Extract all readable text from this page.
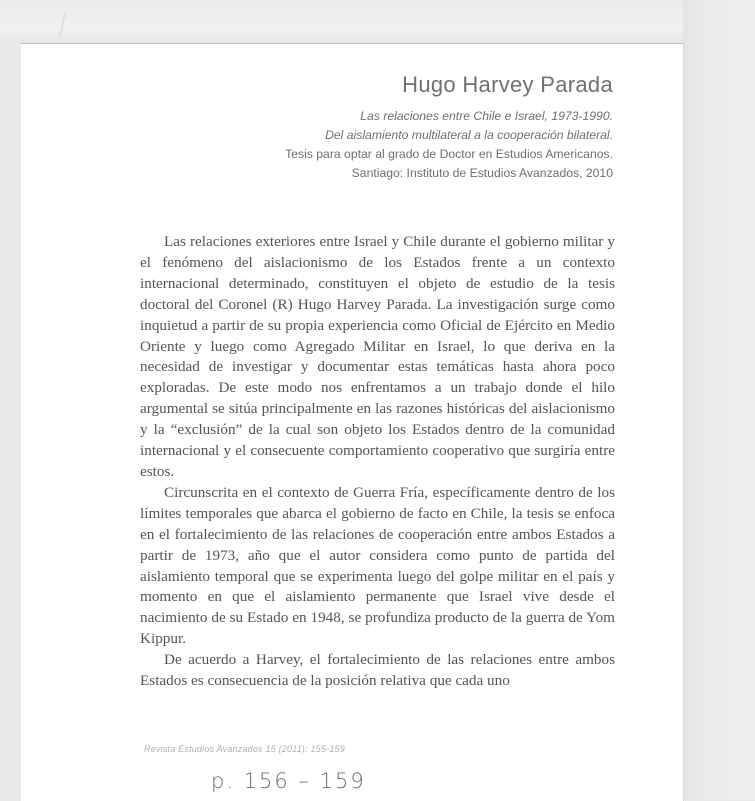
Hugo Harvey Parada
Las relaciones entre Chile e Israel, 1973-1990.
Del aislamiento multilateral a la cooperación bilateral.
Tesis para optar al grado de Doctor en Estudios Americanos.
Santiago: Instituto de Estudios Avanzados, 2010

Las relaciones exteriores entre Israel y Chile durante el gobierno militar y el fenómeno del aislacionismo de los Estados frente a un contexto internacional determinado, constituyen el objeto de estudio de la tesis doctoral del Coronel (R) Hugo Harvey Parada. La investigación surge como inquietud a partir de su propia experiencia como Oficial de Ejército en Medio Oriente y luego como Agregado Militar en Israel, lo que deriva en la necesidad de investigar y documentar estas temáticas hasta ahora poco exploradas. De este modo nos enfrentamos a un trabajo donde el hilo argumental se sitúa principalmente en las razones históricas del aislacionismo y la “exclusión” de la cual son objeto los Estados dentro de la comunidad internacional y el consecuente comportamiento cooperativo que surgiría entre estos.

Circunscrita en el contexto de Guerra Fría, específicamente dentro de los límites temporales que abarca el gobierno de facto en Chile, la tesis se enfoca en el fortalecimiento de las relaciones de cooperación entre ambos Estados a partir de 1973, año que el autor considera como punto de partida del aislamiento temporal que se experimenta luego del golpe militar en el país y momento en que el aislamiento permanente que Israel vive desde el nacimiento de su Estado en 1948, se profundiza producto de la guerra de Yom Kippur.

De acuerdo a Harvey, el fortalecimiento de las relaciones entre ambos Estados es consecuencia de la posición relativa que cada uno

Revista Estudios Avanzados 15 (2011): 155-159
p. 156 – 159
